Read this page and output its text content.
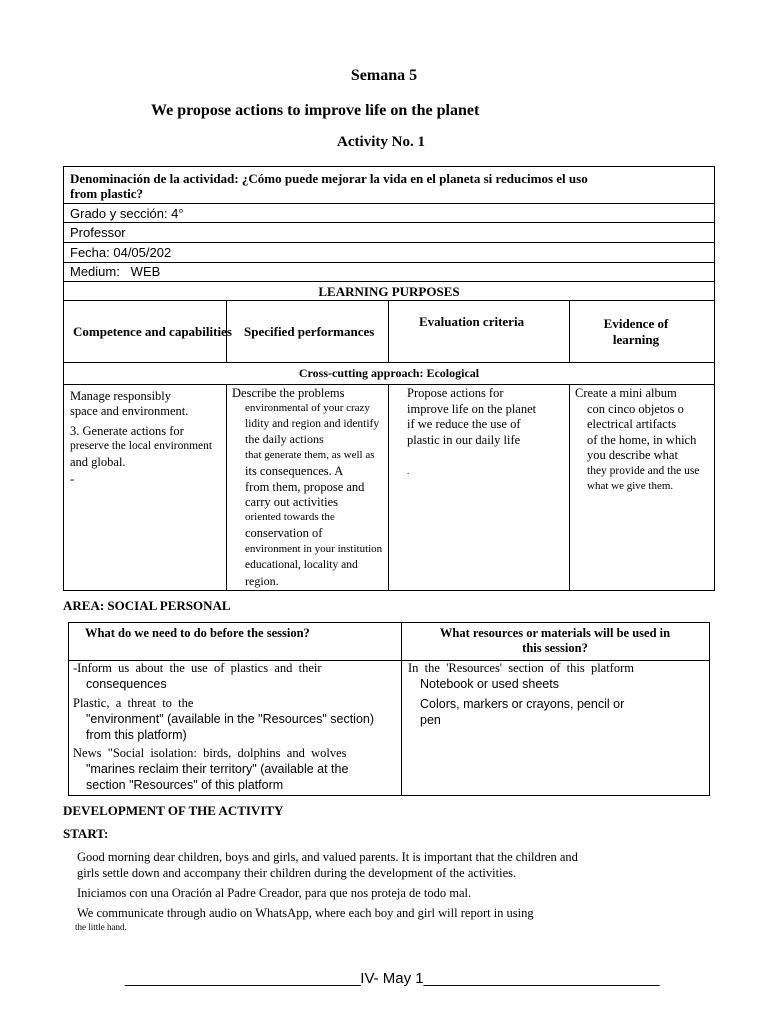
Semana 5
We propose actions to improve life on the planet
Activity No. 1
Denominación de la actividad: ¿Cómo puede mejorar la vida en el planeta si reducimos el uso
from plastic?
Grado y sección: 4°
Professor
Fecha: 04/05/202
Medium:   WEB
LEARNING PURPOSES
Competence and capabilities Specified performances
Evaluation criteria	Evidence of
learning
Cross-cutting approach: Ecological
Manage responsibly
space and environment.
3. Generate actions for
preserve the local environment
and global.
-
Describe the problems
environmental of your crazy
lidity and region and identify
the daily actions
that generate them, as well as
its consequences. A
from them, propose and
carry out activities
oriented towards the
conservation of
environment in your institution
educational, locality and
region.
Propose actions for
improve life on the planet
if we reduce the use of
plastic in our daily life
.
Create a mini album
con cinco objetos o
electrical artifacts
of the home, in which
you describe what
they provide and the use
what we give them.
AREA: SOCIAL PERSONAL
What do we need to do before the session?	What resources or materials will be used in
this session?
-Inform  us  about  the  use  of  plastics  and  their
consequences
Plastic,  a  threat  to  the
"environment" (available in the "Resources" section)
from this platform)
News  "Social  isolation:  birds,  dolphins  and  wolves
"marines reclaim their territory" (available at the
section "Resources" of this platform
In  the  'Resources'  section  of  this  platform
Notebook or used sheets
Colors, markers or crayons, pencil or
pen
DEVELOPMENT OF THE ACTIVITY
START:
Good morning dear children, boys and girls, and valued parents. It is important that the children and
girls settle down and accompany their children during the development of the activities.
Iniciamos con una Oración al Padre Creador, para que nos proteja de todo mal.
We communicate through audio on WhatsApp, where each boy and girl will report in using
the little hand.
______________________________IV- May 1______________________________
